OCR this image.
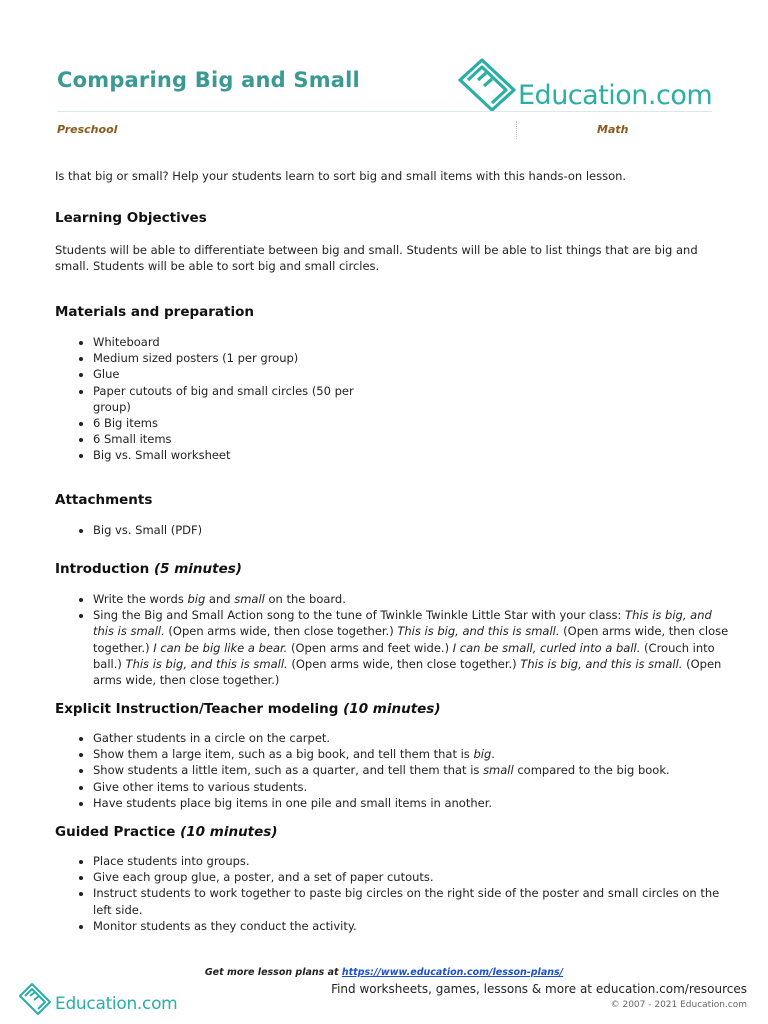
Comparing Big and Small	Education.com
Preschool	Math
Is that big or small? Help your students learn to sort big and small items with this hands-on lesson.
Learning Objectives
Students will be able to differentiate between big and small. Students will be able to list things that are big and small. Students will be able to sort big and small circles.
Materials and preparation
• Whiteboard
• Medium sized posters (1 per group)
• Glue
• Paper cutouts of big and small circles (50 per group)
• 6 Big items
• 6 Small items
• Big vs. Small worksheet
Attachments
• Big vs. Small (PDF)
Introduction (5 minutes)
• Write the words big and small on the board.
• Sing the Big and Small Action song to the tune of Twinkle Twinkle Little Star with your class: This is big, and this is small. (Open arms wide, then close together.) This is big, and this is small. (Open arms wide, then close together.) I can be big like a bear. (Open arms and feet wide.) I can be small, curled into a ball. (Crouch into ball.) This is big, and this is small. (Open arms wide, then close together.) This is big, and this is small. (Open arms wide, then close together.)
Explicit Instruction/Teacher modeling (10 minutes)
• Gather students in a circle on the carpet.
• Show them a large item, such as a big book, and tell them that is big.
• Show students a little item, such as a quarter, and tell them that is small compared to the big book.
• Give other items to various students.
• Have students place big items in one pile and small items in another.
Guided Practice (10 minutes)
• Place students into groups.
• Give each group glue, a poster, and a set of paper cutouts.
• Instruct students to work together to paste big circles on the right side of the poster and small circles on the left side.
• Monitor students as they conduct the activity.
Get more lesson plans at https://www.education.com/lesson-plans/
Education.com
Find worksheets, games, lessons & more at education.com/resources
© 2007 - 2021 Education.com
